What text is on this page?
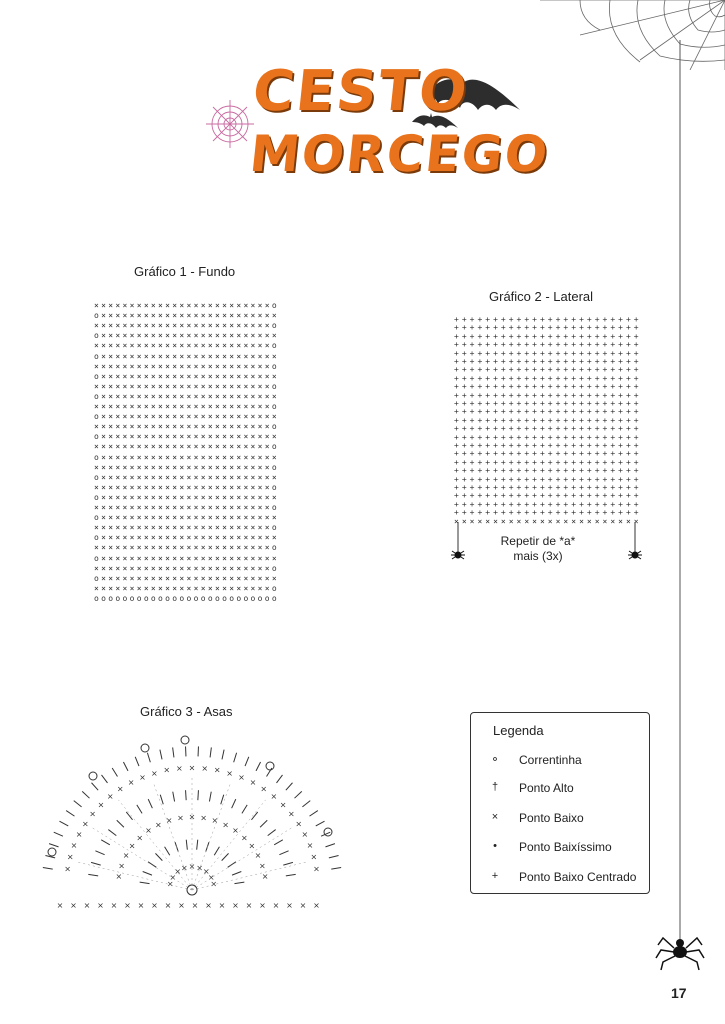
CESTO
MORCEGO
Gráfico 1 - Fundo
×××××××××××××××××××××××××o
o×××××××××××××××××××××××××
×××××××××××××××××××××××××o
o×××××××××××××××××××××××××
×××××××××××××××××××××××××o
o×××××××××××××××××××××××××
×××××××××××××××××××××××××o
o×××××××××××××××××××××××××
×××××××××××××××××××××××××o
o×××××××××××××××××××××××××
×××××××××××××××××××××××××o
o×××××××××××××××××××××××××
×××××××××××××××××××××××××o
o×××××××××××××××××××××××××
×××××××××××××××××××××××××o
o×××××××××××××××××××××××××
×××××××××××××××××××××××××o
o×××××××××××××××××××××××××
×××××××××××××××××××××××××o
o×××××××××××××××××××××××××
×××××××××××××××××××××××××o
o×××××××××××××××××××××××××
×××××××××××××××××××××××××o
o×××××××××××××××××××××××××
×××××××××××××××××××××××××o
o×××××××××××××××××××××××××
×××××××××××××××××××××××××o
o×××××××××××××××××××××××××
×××××××××××××××××××××××××o
oooooooooooooooooooooooooo
Gráfico 2 - Lateral
++++++++++++++++++++++++
++++++++++++++++++++++++
++++++++++++++++++++++++
++++++++++++++++++++++++
++++++++++++++++++++++++
++++++++++++++++++++++++
++++++++++++++++++++++++
++++++++++++++++++++++++
++++++++++++++++++++++++
++++++++++++++++++++++++
++++++++++++++++++++++++
++++++++++++++++++++++++
++++++++++++++++++++++++
++++++++++++++++++++++++
++++++++++++++++++++++++
++++++++++++++++++++++++
++++++++++++++++++++++++
++++++++++++++++++++++++
++++++++++++++++++++++++
++++++++++++++++++++++++
++++++++++++++++++++++++
++++++++++++++++++++++++
++++++++++++++++++++++++
++++++++++++++++++++++++
××××××××××××××××××××××××
Repetir de *a*
mais (3x)
Gráfico 3 - Asas
×
×
× × × × ×
×
×
×
×
×
×
×
×
× × × × × × ×
×
×
×
×
×
×
×
×
×
×
×
×
×
×
×
×
× × × × × × × × ×
×
×
×
×
×
×
×
×
×
×
× × × × × × × × × × × × × × × × × × × ×
Legenda
⚬ Correntinha
†	Ponto Alto
×	Ponto Baixo
•	Ponto Baixíssimo
+	Ponto Baixo Centrado
17
